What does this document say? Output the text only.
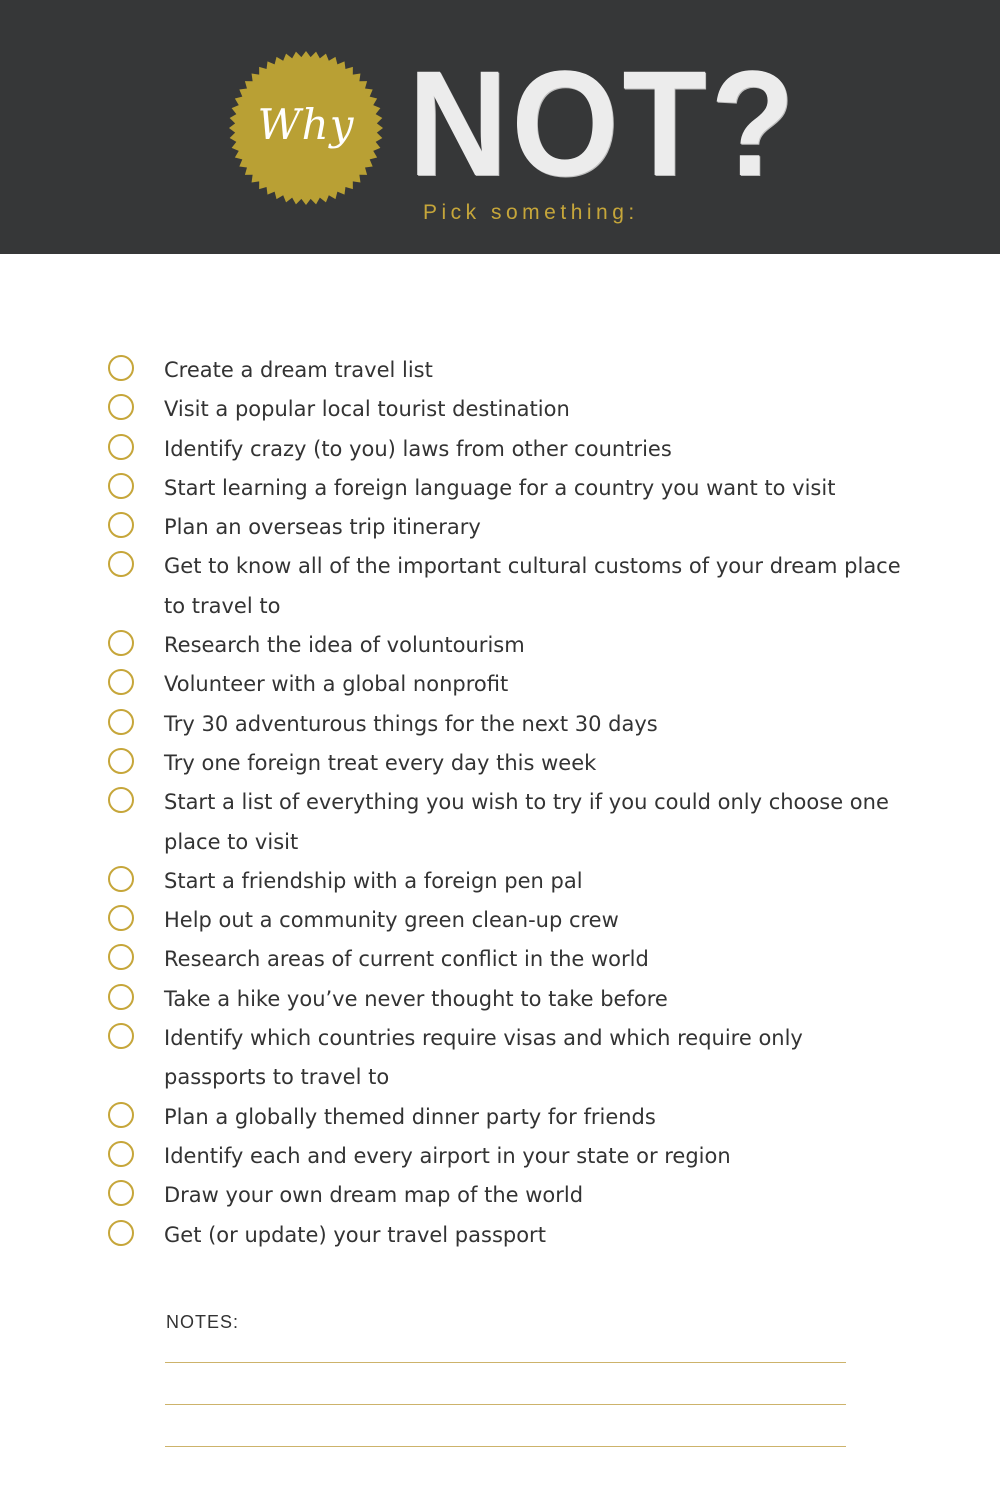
Why NOT?
Pick something:
Create a dream travel list
Visit a popular local tourist destination
Identify crazy (to you) laws from other countries
Start learning a foreign language for a country you want to visit
Plan an overseas trip itinerary
Get to know all of the important cultural customs of your dream place to travel to
Research the idea of voluntourism
Volunteer with a global nonprofit
Try 30 adventurous things for the next 30 days
Try one foreign treat every day this week
Start a list of everything you wish to try if you could only choose one place to visit
Start a friendship with a foreign pen pal
Help out a community green clean-up crew
Research areas of current conflict in the world
Take a hike you’ve never thought to take before
Identify which countries require visas and which require only passports to travel to
Plan a globally themed dinner party for friends
Identify each and every airport in your state or region
Draw your own dream map of the world
Get (or update) your travel passport
NOTES:
